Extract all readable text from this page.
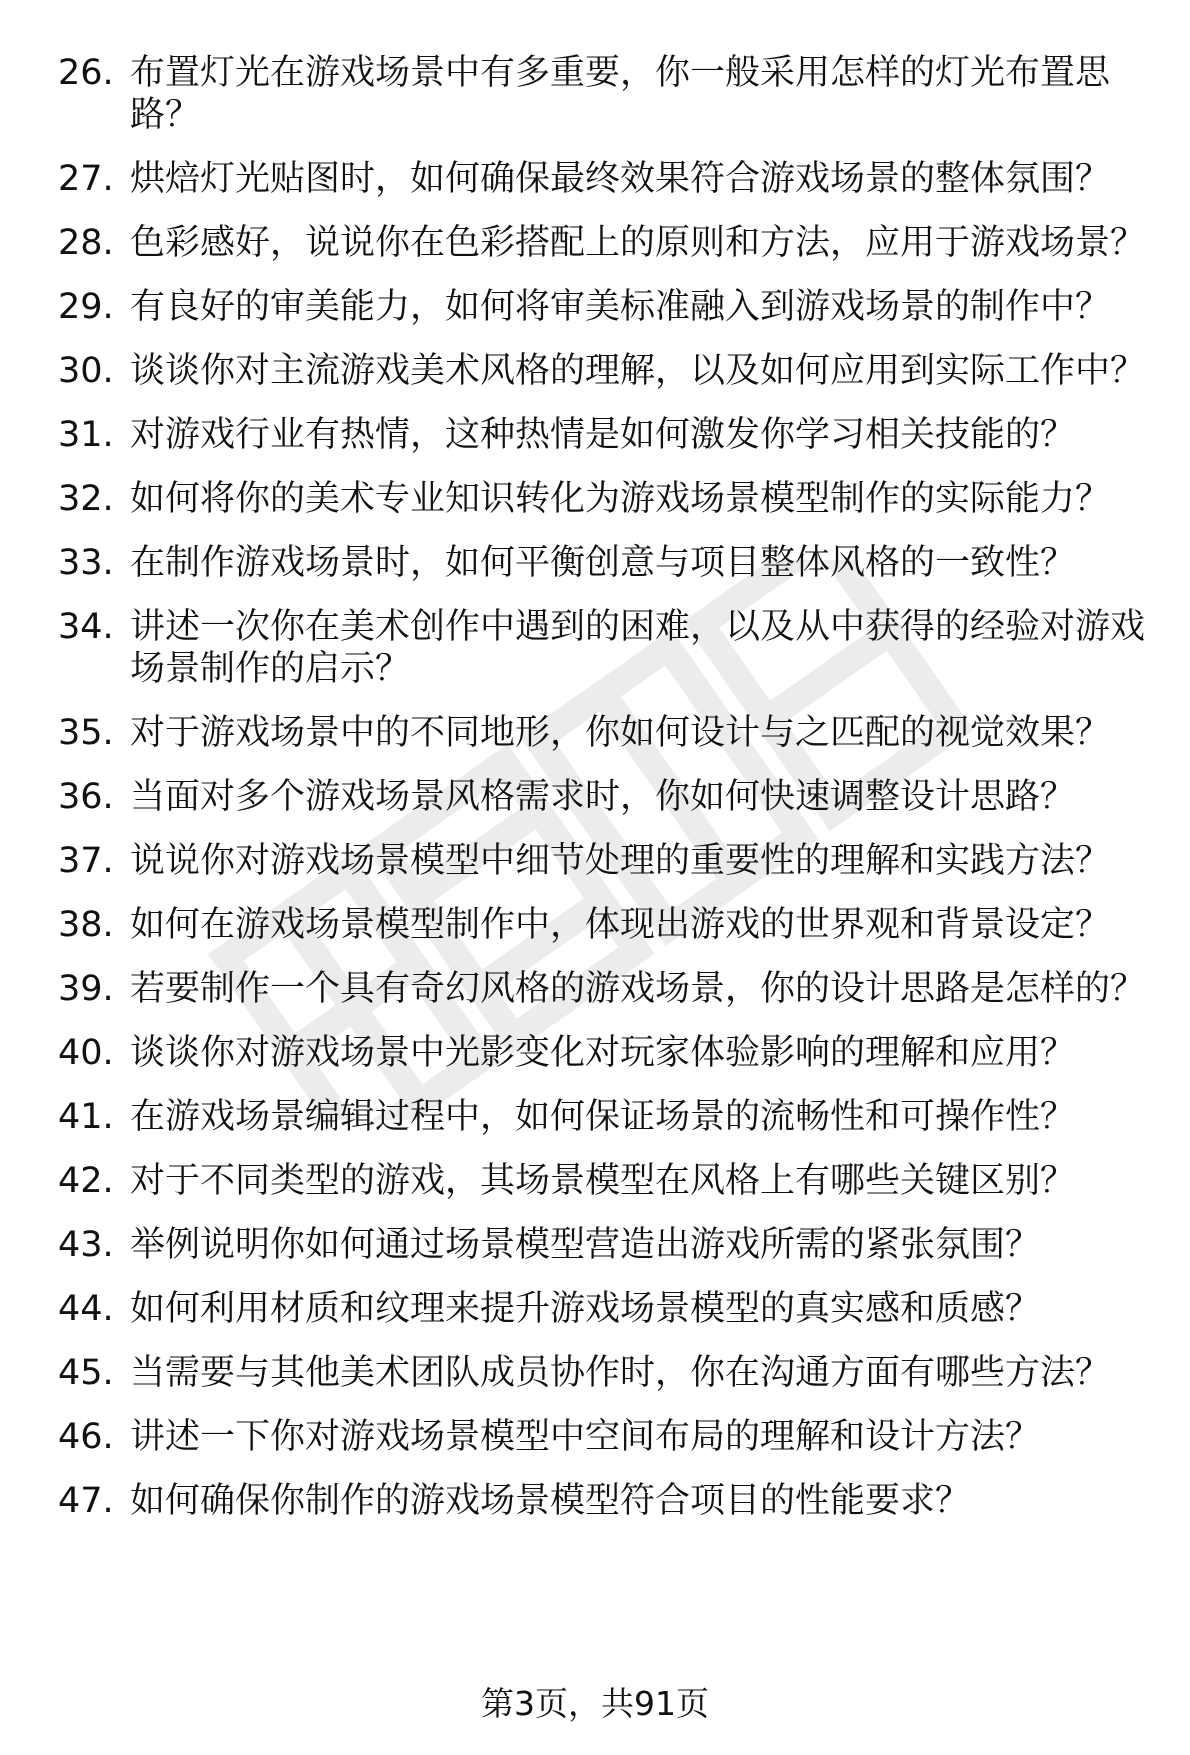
26. 布置灯光在游戏场景中有多重要，你一般采用怎样的灯光布置思路？
27. 烘焙灯光贴图时，如何确保最终效果符合游戏场景的整体氛围？
28. 色彩感好，说说你在色彩搭配上的原则和方法，应用于游戏场景？
29. 有良好的审美能力，如何将审美标准融入到游戏场景的制作中？
30. 谈谈你对主流游戏美术风格的理解，以及如何应用到实际工作中？
31. 对游戏行业有热情，这种热情是如何激发你学习相关技能的？
32. 如何将你的美术专业知识转化为游戏场景模型制作的实际能力？
33. 在制作游戏场景时，如何平衡创意与项目整体风格的一致性？
34. 讲述一次你在美术创作中遇到的困难，以及从中获得的经验对游戏场景制作的启示？
35. 对于游戏场景中的不同地形，你如何设计与之匹配的视觉效果？
36. 当面对多个游戏场景风格需求时，你如何快速调整设计思路？
37. 说说你对游戏场景模型中细节处理的重要性的理解和实践方法？
38. 如何在游戏场景模型制作中，体现出游戏的世界观和背景设定？
39. 若要制作一个具有奇幻风格的游戏场景，你的设计思路是怎样的？
40. 谈谈你对游戏场景中光影变化对玩家体验影响的理解和应用？
41. 在游戏场景编辑过程中，如何保证场景的流畅性和可操作性？
42. 对于不同类型的游戏，其场景模型在风格上有哪些关键区别？
43. 举例说明你如何通过场景模型营造出游戏所需的紧张氛围？
44. 如何利用材质和纹理来提升游戏场景模型的真实感和质感？
45. 当需要与其他美术团队成员协作时，你在沟通方面有哪些方法？
46. 讲述一下你对游戏场景模型中空间布局的理解和设计方法？
47. 如何确保你制作的游戏场景模型符合项目的性能要求？
第3页，共91页
